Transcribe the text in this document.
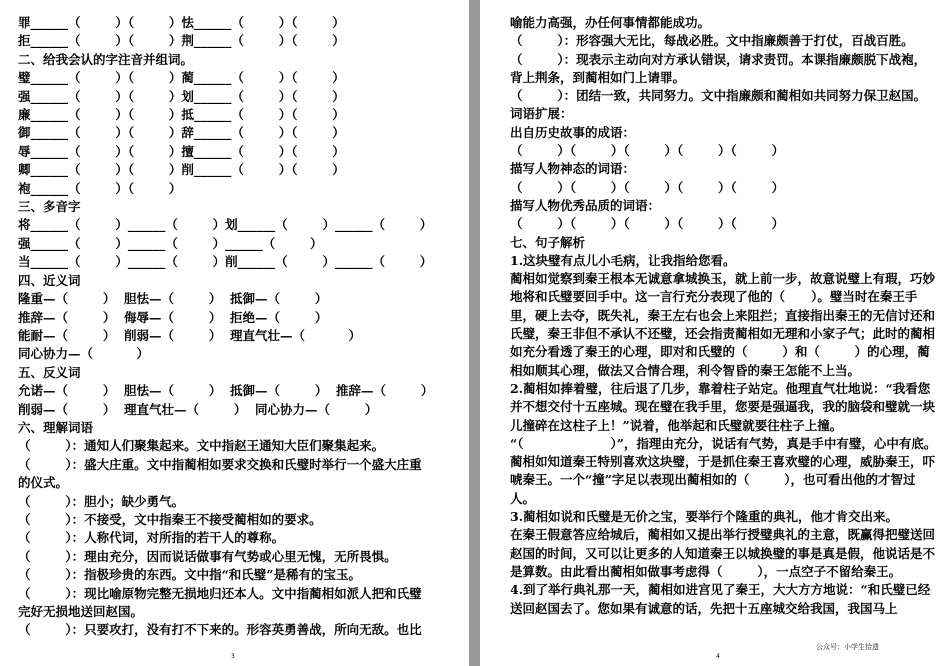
罪______（        ）（        ）怯______（        ）（        ）
拒______（        ）（        ）荆______（        ）（        ）
二、给我会认的字注音并组词。
璧______（        ）（        ）蔺______（        ）（        ）
强______（        ）（        ）划______（        ）（        ）
廉______（        ）（        ）抵______（        ）（        ）
御______（        ）（        ）辞______（        ）（        ）
辱______（        ）（        ）擅______（        ）（        ）
卿______（        ）（        ）削______（        ）（        ）
袍______（        ）（        ）
三、多音字
将______（        ）______（        ）划______（        ）______（        ）
强______（        ）______（        ）______（        ）
当______（        ）______（        ）削______（        ）______（        ）
四、近义词
隆重—（        ）  胆怯—（        ）  抵御—（        ）
推辞—（        ）  侮辱—（        ）  拒绝—（        ）
能耐—（        ）  削弱—（        ）  理直气壮—（          ）
同心协力—（          ）
五、反义词
允诺—（        ）  胆怯—（        ）  抵御—（        ）  推辞—（        ）
削弱—（        ）  理直气壮—（        ）  同心协力—（        ）
六、理解词语
（        ）：通知人们聚集起来。文中指赵王通知大臣们聚集起来。
（        ）：盛大庄重。文中指蔺相如要求交换和氏璧时举行一个盛大庄重
的仪式。
（        ）：胆小；缺少勇气。
（        ）：不接受，文中指秦王不接受蔺相如的要求。
（        ）：人称代词，对所指的若干人的尊称。
（        ）：理由充分，因而说话做事有气势或心里无愧，无所畏惧。
（        ）：指极珍贵的东西。文中指“和氏璧”是稀有的宝玉。
（        ）：现比喻原物完整无损地归还本人。文中指蔺相如派人把和氏璧
完好无损地送回赵国。
（        ）：只要攻打，没有打不下来的。形容英勇善战，所向无敌。也比
3
喻能力高强，办任何事情都能成功。
（        ）：形容强大无比，每战必胜。文中指廉颇善于打仗，百战百胜。
（        ）：现表示主动向对方承认错误，请求责罚。本课指廉颇脱下战袍，背上荆条，到蔺相如门上请罪。
（        ）：团结一致，共同努力。文中指廉颇和蔺相如共同努力保卫赵国。
词语扩展：
出自历史故事的成语：
（        ）（        ）（        ）（        ）（        ）
描写人物神态的词语：
（        ）（        ）（        ）（        ）（        ）
描写人物优秀品质的词语：
（        ）（        ）（        ）（        ）（        ）
七、句子解析
1.这块璧有点儿小毛病，让我指给您看。
蔺相如觉察到秦王根本无诚意拿城换玉，就上前一步，故意说璧上有瑕，巧妙地将和氏璧要回手中。这一言行充分表现了他的（      ）。璧当时在秦王手里，硬上去夺，既失礼，秦王左右也会上来阻拦；直接指出秦王的无信讨还和氏璧，秦王非但不承认不还璧，还会指责蔺相如无理和小家子气；此时的蔺相如充分看透了秦王的心理，即对和氏璧的（        ）和（        ）的心理，蔺相如顺其心理，做法又合情合理，利令智昏的秦王怎能不上当。
2.蔺相如捧着璧，往后退了几步，靠着柱子站定。他理直气壮地说：“我看您并不想交付十五座城。现在璧在我手里，您要是强逼我，我的脑袋和璧就一块儿撞碎在这柱子上！”说着，他举起和氏璧就要往柱子上撞。
“（                    ）”，指理由充分，说话有气势，真是手中有璧，心中有底。蔺相如知道秦王特别喜欢这块璧，于是抓住秦王喜欢璧的心理，威胁秦王，吓唬秦王。一个“撞”字足以表现出蔺相如的（        ），也可看出他的才智过人。
3.蔺相如说和氏璧是无价之宝，要举行个隆重的典礼，他才肯交出来。
在秦王假意答应给城后，蔺相如又提出举行授璧典礼的主意，既赢得把璧送回赵国的时间，又可以让更多的人知道秦王以城换璧的事是真是假，他说话是不是算数。由此看出蔺相如做事考虑得（        ），一点空子不留给秦王。
4.到了举行典礼那一天，蔺相如进宫见了秦王，大大方方地说：“和氏璧已经送回赵国去了。您如果有诚意的话，先把十五座城交给我国，我国马上
公众号：小学生拾遗
4
